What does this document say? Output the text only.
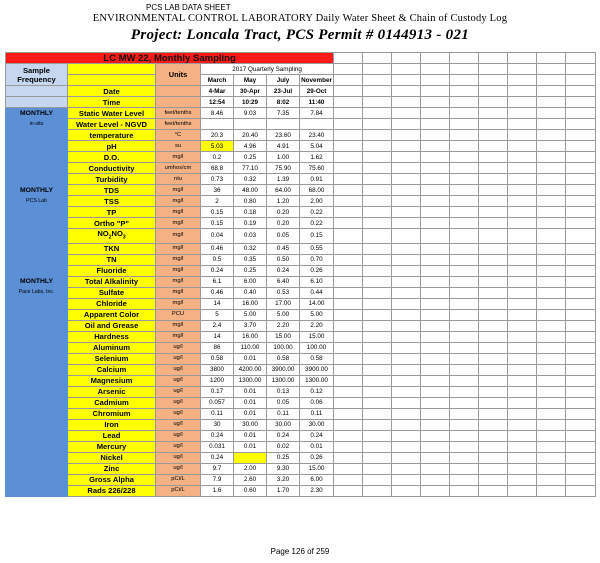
PCS LAB DATA SHEET
ENVIRONMENTAL CONTROL LABORATORY Daily Water Sheet & Chain of Custody Log
Project: Loncala Tract, PCS Permit # 0144913 - 021
LC MW 22, Monthly Sampling															
Sample Frequency		Units	2017 Quarterly Sampling												
			March	May	July	November									
	Date		4-Mar	30-Apr	23-Jul	29-Oct									
	Time		12:54	10:29	8:02	11:40									
MONTHLY	Static Water Level	feet/tenths	8.46	9.03	7.35	7.84									
in-situ	Water Level - NGVD	feet/tenths													
	temperature	°C	20.3	20.40	23.60	23.40									
	pH	su	5.03	4.96	4.91	5.04									
	D.O.	mg/l	0.2	0.25	1.00	1.62									
	Conductivity	umhos/cm	68.8	77.10	75.90	75.60									
	Turbidity	ntu	0.73	0.32	1.39	0.91									
MONTHLY	TDS	mg/l	36	48.00	64.00	68.00									
PCS Lab	TSS	mg/l	2	0.80	1.20	2.00									
	TP	mg/l	0.15	0.18	0.20	0.22									
	Ortho "P"	mg/l	0.15	0.19	0.20	0.22									
	$NO_2NO_3$	mg/l	0.04	0.03	0.05	0.15									
	TKN	mg/l	0.46	0.32	0.45	0.55									
	TN	mg/l	0.5	0.35	0.50	0.70									
	Fluoride	mg/l	0.24	0.25	0.24	0.26									
MONTHLY	Total Alkalinity	mg/l	6.1	6.00	6.40	6.10									
Pace Labs, Inc.	Sulfate	mg/l	0.46	0.40	0.53	0.44									
	Chloride	mg/l	14	16.00	17.00	14.00									
	Apparent Color	PCU	5	5.00	5.00	5.00									
	Oil and Grease	mg/l	2.4	3.70	2.20	2.20									
	Hardness	mg/l	14	16.00	15.00	15.00									
	Aluminum	ug/l	86	110.00	100.00	100.00									
	Selenium	ug/l	0.58	0.01	0.58	0.58									
	Calcium	ug/l	3800	4200.00	3900.00	3900.00									
	Magnesium	ug/l	1200	1300.00	1300.00	1300.00									
	Arsenic	ug/l	0.17	0.01	0.13	0.12									
	Cadmium	ug/l	0.057	0.01	0.05	0.06									
	Chromium	ug/l	0.11	0.01	0.11	0.11									
	Iron	ug/l	30	30.00	30.00	30.00									
	Lead	ug/l	0.24	0.01	0.24	0.24									
	Mercury	ug/l	0.031	0.01	0.02	0.01									
	Nickel	ug/l	0.24		0.25	0.26									
	Zinc	ug/l	9.7	2.00	9.30	15.00									
	Gross Alpha	pCi/L	7.9	2.60	3.20	6.00									
	Rads 226/228	pCi/L	1.6	0.60	1.70	2.30									
Page 126 of 259
